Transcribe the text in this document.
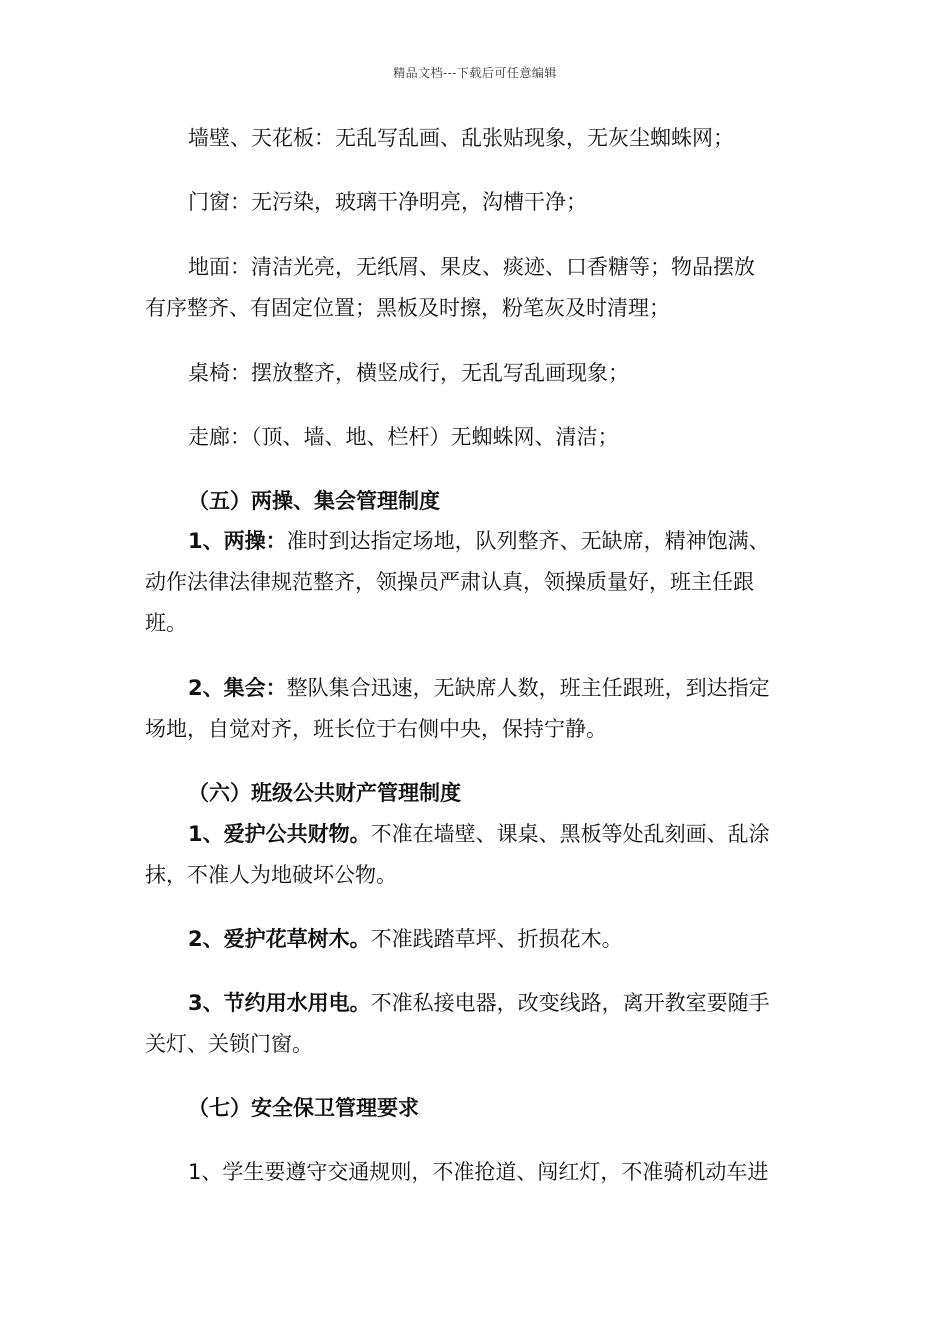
精品文档---下载后可任意编辑
墙壁、天花板：无乱写乱画、乱张贴现象，无灰尘蜘蛛网；
门窗：无污染，玻璃干净明亮，沟槽干净；
地面：清洁光亮，无纸屑、果皮、痰迹、口香糖等；物品摆放
有序整齐、有固定位置；黑板及时擦，粉笔灰及时清理；
桌椅：摆放整齐，横竖成行，无乱写乱画现象；
走廊：（顶、墙、地、栏杆）无蜘蛛网、清洁；
（五）两操、集会管理制度
1、两操：准时到达指定场地，队列整齐、无缺席，精神饱满、
动作法律法律规范整齐，领操员严肃认真，领操质量好，班主任跟
班。
2、集会：整队集合迅速，无缺席人数，班主任跟班，到达指定
场地，自觉对齐，班长位于右侧中央，保持宁静。
（六）班级公共财产管理制度
1、爱护公共财物。不准在墙壁、课桌、黑板等处乱刻画、乱涂
抹，不准人为地破坏公物。
2、爱护花草树木。不准践踏草坪、折损花木。
3、节约用水用电。不准私接电器，改变线路，离开教室要随手
关灯、关锁门窗。
（七）安全保卫管理要求
1、学生要遵守交通规则，不准抢道、闯红灯，不准骑机动车进
